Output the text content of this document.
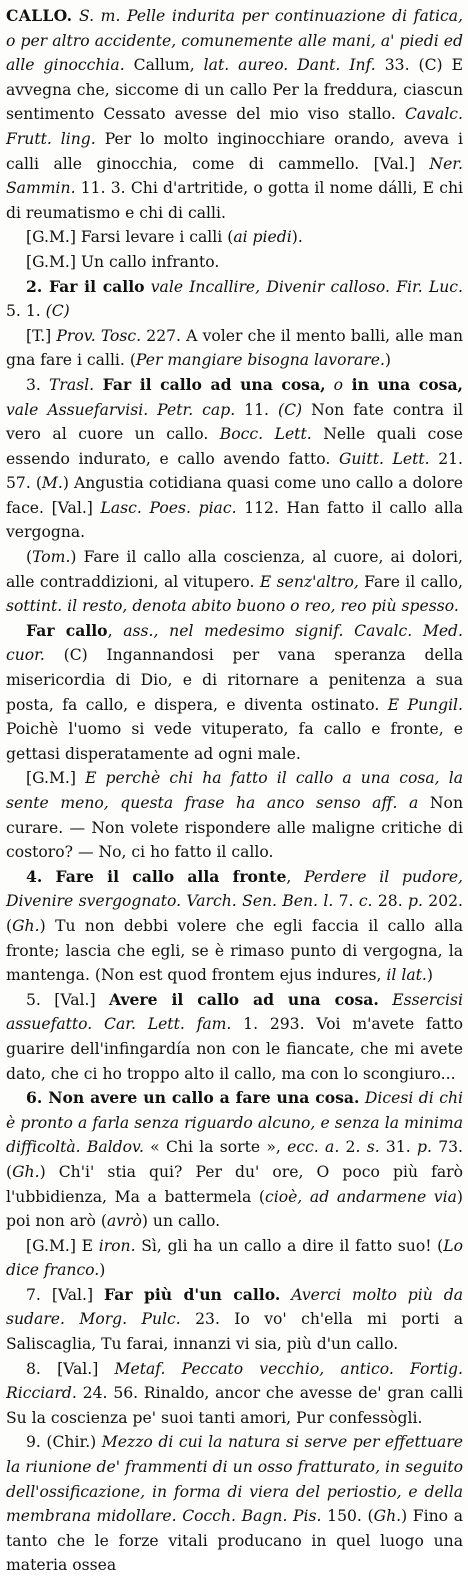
CALLO. S. m. Pelle indurita per continuazione di fatica, o per altro accidente, comunemente alle mani, a' piedi ed alle ginocchia. Callum, lat. aureo. Dant. Inf. 33. (C) E avvegna che, siccome di un callo Per la freddura, ciascun sentimento Cessato avesse del mio viso stallo. Cavalc. Frutt. ling. Per lo molto inginocchiare orando, aveva i calli alle ginocchia, come di cammello. [Val.] Ner. Sammin. 11. 3. Chi d'artritide, o gotta il nome dálli, E chi di reumatismo e chi di calli.

[G.M.] Farsi levare i calli (ai piedi).

[G.M.] Un callo infranto.

2. Far il callo vale Incallire, Divenir calloso. Fir. Luc. 5. 1. (C)

[T.] Prov. Tosc. 227. A voler che il mento balli, alle man gna fare i calli. (Per mangiare bisogna lavorare.)

3. Trasl. Far il callo ad una cosa, o in una cosa, vale Assuefarvisi. Petr. cap. 11. (C) Non fate contra il vero al cuore un callo. Bocc. Lett. Nelle quali cose essendo indurato, e callo avendo fatto. Guitt. Lett. 21. 57. (M.) Angustia cotidiana quasi come uno callo a dolore face. [Val.] Lasc. Poes. piac. 112. Han fatto il callo alla vergogna.

(Tom.) Fare il callo alla coscienza, al cuore, ai dolori, alle contraddizioni, al vitupero. E senz'altro, Fare il callo, sottint. il resto, denota abito buono o reo, reo più spesso.

Far callo, ass., nel medesimo signif. Cavalc. Med. cuor. (C) Ingannandosi per vana speranza della misericordia di Dio, e di ritornare a penitenza a sua posta, fa callo, e dispera, e diventa ostinato. E Pungil. Poichè l'uomo si vede vituperato, fa callo e fronte, e gettasi disperatamente ad ogni male.

[G.M.] E perchè chi ha fatto il callo a una cosa, la sente meno, questa frase ha anco senso aff. a Non curare. — Non volete rispondere alle maligne critiche di costoro? — No, ci ho fatto il callo.

4. Fare il callo alla fronte, Perdere il pudore, Divenire svergognato. Varch. Sen. Ben. l. 7. c. 28. p. 202. (Gh.) Tu non debbi volere che egli faccia il callo alla fronte; lascia che egli, se è rimaso punto di vergogna, la mantenga. (Non est quod frontem ejus indures, il lat.)

5. [Val.] Avere il callo ad una cosa. Essercisi assuefatto. Car. Lett. fam. 1. 293. Voi m'avete fatto guarire dell'infingardía non con le fiancate, che mi avete dato, che ci ho troppo alto il callo, ma con lo scongiuro...

6. Non avere un callo a fare una cosa. Dicesi di chi è pronto a farla senza riguardo alcuno, e senza la minima difficoltà. Baldov. « Chi la sorte », ecc. a. 2. s. 31. p. 73. (Gh.) Ch'i' stia qui? Per du' ore, O poco più farò l'ubbidienza, Ma a battermela (cioè, ad andarmene via) poi non arò (avrò) un callo.

[G.M.] E iron. Sì, gli ha un callo a dire il fatto suo! (Lo dice franco.)

7. [Val.] Far più d'un callo. Averci molto più da sudare. Morg. Pulc. 23. Io vo' ch'ella mi porti a Saliscaglia, Tu farai, innanzi vi sia, più d'un callo.

8. [Val.] Metaf. Peccato vecchio, antico. Fortig. Ricciard. 24. 56. Rinaldo, ancor che avesse de' gran calli Su la coscienza pe' suoi tanti amori, Pur confessògli.

9. (Chir.) Mezzo di cui la natura si serve per effettuare la riunione de' frammenti di un osso fratturato, in seguito dell'ossificazione, in forma di viera del periostio, e della membrana midollare. Cocch. Bagn. Pis. 150. (Gh.) Fino a tanto che le forze vitali producano in quel luogo una materia ossea
